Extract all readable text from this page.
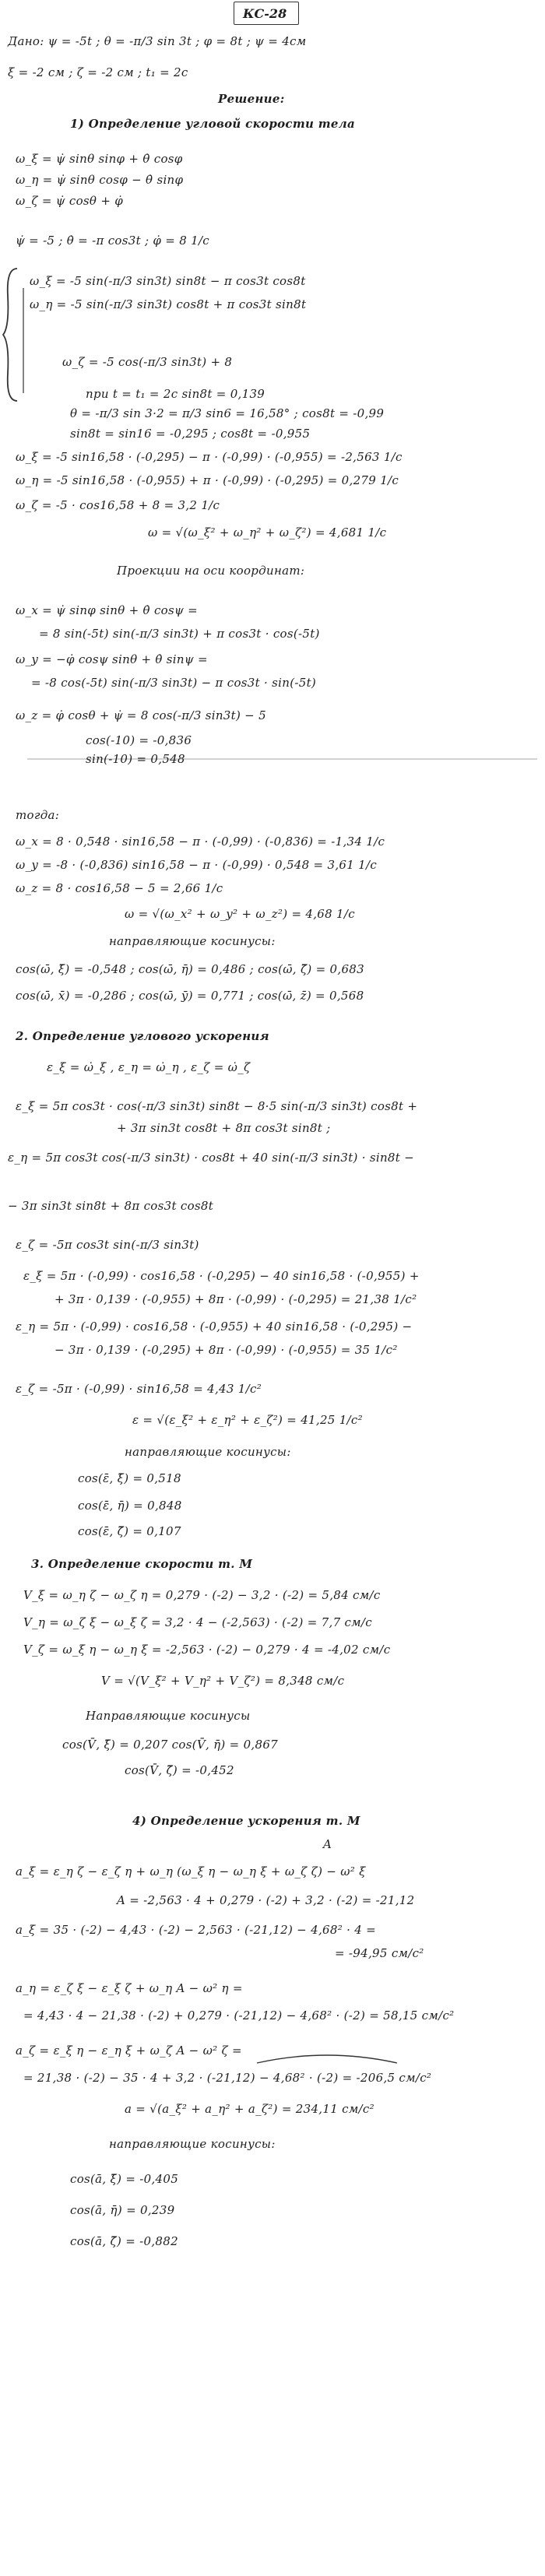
КС-28
Дано: ψ = -5t ; θ = -π/3 sin 3t ; φ = 8t ; ψ = 4см
ξ = -2 см ; ζ = -2 см ; t₁ = 2с
Решение:
1) Определение угловой скорости тела
ω_ξ = ψ̇ sinθ sinφ + θ̇ cosφ
ω_η = ψ̇ sinθ cosφ − θ̇ sinφ
ω_ζ = ψ̇ cosθ + φ̇
ψ̇ = -5 ; θ̇ = -π cos3t ; φ̇ = 8 1/с
ω_ξ = -5 sin(-π/3 sin3t) sin8t − π cos3t cos8t
ω_η = -5 sin(-π/3 sin3t) cos8t + π cos3t sin8t
ω_ζ = -5 cos(-π/3 sin3t) + 8
при t = t₁ = 2с sin8t = 0,139
θ = -π/3 sin 3·2 = π/3 sin6 = 16,58° ; cos8t = -0,99
sin8t = sin16 = -0,295 ; cos8t = -0,955
ω_ξ = -5 sin16,58 · (-0,295) − π · (-0,99) · (-0,955) = -2,563 1/с
ω_η = -5 sin16,58 · (-0,955) + π · (-0,99) · (-0,295) = 0,279 1/с
ω_ζ = -5 · cos16,58 + 8 = 3,2 1/с
ω = √(ω_ξ² + ω_η² + ω_ζ²) = 4,681 1/с
Проекции на оси координат:
ω_x = ψ̇ sinφ sinθ + θ̇ cosψ =
= 8 sin(-5t) sin(-π/3 sin3t) + π cos3t · cos(-5t)
ω_y = −φ̇ cosψ sinθ + θ̇ sinψ =
= -8 cos(-5t) sin(-π/3 sin3t) − π cos3t · sin(-5t)
ω_z = φ̇ cosθ + ψ̇ = 8 cos(-π/3 sin3t) − 5
cos(-10) = -0,836
sin(-10) = 0,548
тогда:
ω_x = 8 · 0,548 · sin16,58 − π · (-0,99) · (-0,836) = -1,34 1/с
ω_y = -8 · (-0,836) sin16,58 − π · (-0,99) · 0,548 = 3,61 1/с
ω_z = 8 · cos16,58 − 5 = 2,66 1/с
ω = √(ω_x² + ω_y² + ω_z²) = 4,68 1/с
направляющие косинусы:
cos(ω̄, ξ̄) = -0,548 ; cos(ω̄, η̄) = 0,486 ; cos(ω̄, ζ̄) = 0,683
cos(ω̄, x̄) = -0,286 ; cos(ω̄, ȳ) = 0,771 ; cos(ω̄, z̄) = 0,568
2. Определение углового ускорения
ε_ξ = ω̇_ξ , ε_η = ω̇_η , ε_ζ = ω̇_ζ
ε_ξ = 5π cos3t · cos(-π/3 sin3t) sin8t − 8·5 sin(-π/3 sin3t) cos8t +
+ 3π sin3t cos8t + 8π cos3t sin8t ;
ε_η = 5π cos3t cos(-π/3 sin3t) · cos8t + 40 sin(-π/3 sin3t) · sin8t −
− 3π sin3t sin8t + 8π cos3t cos8t
ε_ζ = -5π cos3t sin(-π/3 sin3t)
ε_ξ = 5π · (-0,99) · cos16,58 · (-0,295) − 40 sin16,58 · (-0,955) +
+ 3π · 0,139 · (-0,955) + 8π · (-0,99) · (-0,295) = 21,38 1/с²
ε_η = 5π · (-0,99) · cos16,58 · (-0,955) + 40 sin16,58 · (-0,295) −
− 3π · 0,139 · (-0,295) + 8π · (-0,99) · (-0,955) = 35 1/с²
ε_ζ = -5π · (-0,99) · sin16,58 = 4,43 1/с²
ε = √(ε_ξ² + ε_η² + ε_ζ²) = 41,25 1/с²
направляющие косинусы:
cos(ε̄, ξ̄) = 0,518
cos(ε̄, η̄) = 0,848
cos(ε̄, ζ̄) = 0,107
3. Определение скорости т. М
V_ξ = ω_η ζ − ω_ζ η = 0,279 · (-2) − 3,2 · (-2) = 5,84 см/с
V_η = ω_ζ ξ − ω_ξ ζ = 3,2 · 4 − (-2,563) · (-2) = 7,7 см/с
V_ζ = ω_ξ η − ω_η ξ = -2,563 · (-2) − 0,279 · 4 = -4,02 см/с
V = √(V_ξ² + V_η² + V_ζ²) = 8,348 см/с
Направляющие косинусы
cos(V̄, ξ̄) = 0,207 cos(V̄, η̄) = 0,867
cos(V̄, ζ̄) = -0,452
4) Определение ускорения т. М
A
a_ξ = ε_η ζ − ε_ζ η + ω_η (ω_ξ η − ω_η ξ + ω_ζ ζ) − ω² ξ
A = -2,563 · 4 + 0,279 · (-2) + 3,2 · (-2) = -21,12
a_ξ = 35 · (-2) − 4,43 · (-2) − 2,563 · (-21,12) − 4,68² · 4 =
= -94,95 см/с²
a_η = ε_ζ ξ − ε_ξ ζ + ω_η A − ω² η =
= 4,43 · 4 − 21,38 · (-2) + 0,279 · (-21,12) − 4,68² · (-2) = 58,15 см/с²
a_ζ = ε_ξ η − ε_η ξ + ω_ζ A − ω² ζ =
= 21,38 · (-2) − 35 · 4 + 3,2 · (-21,12) − 4,68² · (-2) = -206,5 см/с²
a = √(a_ξ² + a_η² + a_ζ²) = 234,11 см/с²
направляющие косинусы:
cos(ā, ξ̄) = -0,405
cos(ā, η̄) = 0,239
cos(ā, ζ̄) = -0,882
